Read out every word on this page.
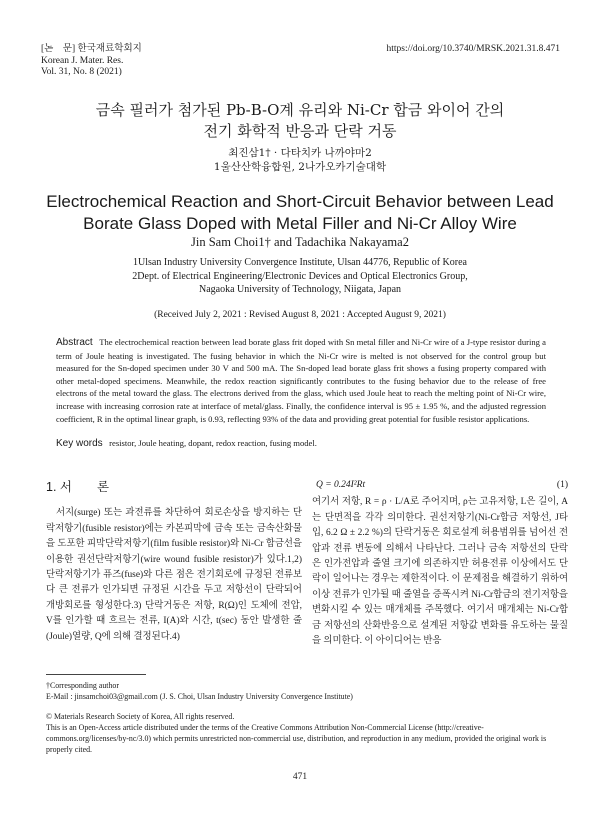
[논　문] 한국재료학회지
Korean J. Mater. Res.
Vol. 31, No. 8 (2021)
https://doi.org/10.3740/MRSK.2021.31.8.471
금속 필러가 첨가된 Pb-B-O계 유리와 Ni-Cr 합금 와이어 간의
전기 화학적 반응과 단락 거동
최진삼1† · 다타치카 나까야마2
1울산산학융합원, 2나가오카기술대학
Electrochemical Reaction and Short-Circuit Behavior between Lead
Borate Glass Doped with Metal Filler and Ni-Cr Alloy Wire
Jin Sam Choi1† and Tadachika Nakayama2
1Ulsan Industry University Convergence Institute, Ulsan 44776, Republic of Korea
2Dept. of Electrical Engineering/Electronic Devices and Optical Electronics Group,
Nagaoka University of Technology, Niigata, Japan
(Received July 2, 2021 : Revised August 8, 2021 : Accepted August 9, 2021)
Abstract The electrochemical reaction between lead borate glass frit doped with Sn metal filler and Ni-Cr wire of a J-type resistor during a term of Joule heating is investigated. The fusing behavior in which the Ni-Cr wire is melted is not observed for the control group but measured for the Sn-doped specimen under 30 V and 500 mA. The Sn-doped lead borate glass frit shows a fusing property compared with other metal-doped specimens. Meanwhile, the redox reaction significantly contributes to the fusing behavior due to the release of free electrons of the metal toward the glass. The electrons derived from the glass, which used Joule heat to reach the melting point of Ni-Cr wire, increase with increasing corrosion rate at interface of metal/glass. Finally, the confidence interval is 95 ± 1.95 %, and the adjusted regression coefficient, R in the optimal linear graph, is 0.93, reflecting 93% of the data and providing great potential for fusible resistor applications.
Key words resistor, Joule heating, dopant, redox reaction, fusing model.
1. 서　　론

서지(surge) 또는 과전류를 차단하여 회로손상을 방지하는 단락저항기(fusible resistor)에는 카본피막에 금속 또는 금속산화물을 도포한 피막단락저항기(film fusible resistor)와 Ni-Cr 합금선을 이용한 권선단락저항기(wire wound fusible resistor)가 있다.1,2) 단락저항기가 퓨즈(fuse)와 다른 점은 전기회로에 규정된 전류보다 큰 전류가 인가되면 규정된 시간을 두고 저항선이 단락되어 개방회로를 형성한다.3) 단락거동은 저항, R(Ω)인 도체에 전압, V를 인가할 때 흐르는 전류, I(A)와 시간, t(sec) 동안 발생한 줄(Joule)열량, Q에 의해 결정된다.4)

Q = 0.24I²Rt	(1)

여기서 저항, R = ρ · L/A로 주어지며, ρ는 고유저항, L은 길이, A는 단면적을 각각 의미한다. 권선저항기(Ni-Cr합금 저항선, J타입, 6.2 Ω ± 2.2 %)의 단락거동은 회로설계 허용범위를 넘어선 전압과 전류 변동에 의해서 나타난다. 그러나 금속 저항선의 단락은 인가전압과 줄열 크기에 의존하지만 허용전류 이상에서도 단락이 일어나는 경우는 제한적이다. 이 문제점을 해결하기 위하여 이상 전류가 인가될 때 줄열을 증폭시켜 Ni-Cr합금의 전기저항을 변화시킬 수 있는 매개체를 주목했다. 여기서 매개체는 Ni-Cr합금 저항선의 산화반응으로 설계된 저항값 변화를 유도하는 물질을 의미한다. 이 아이디어는 반응

†Corresponding author
E-Mail : jinsamchoi03@gmail.com (J. S. Choi, Ulsan Industry University Convergence Institute)
© Materials Research Society of Korea, All rights reserved.
This is an Open-Access article distributed under the terms of the Creative Commons Attribution Non-Commercial License (http://creative-commons.org/licenses/by-nc/3.0) which permits unrestricted non-commercial use, distribution, and reproduction in any medium, provided the original work is properly cited.
471
